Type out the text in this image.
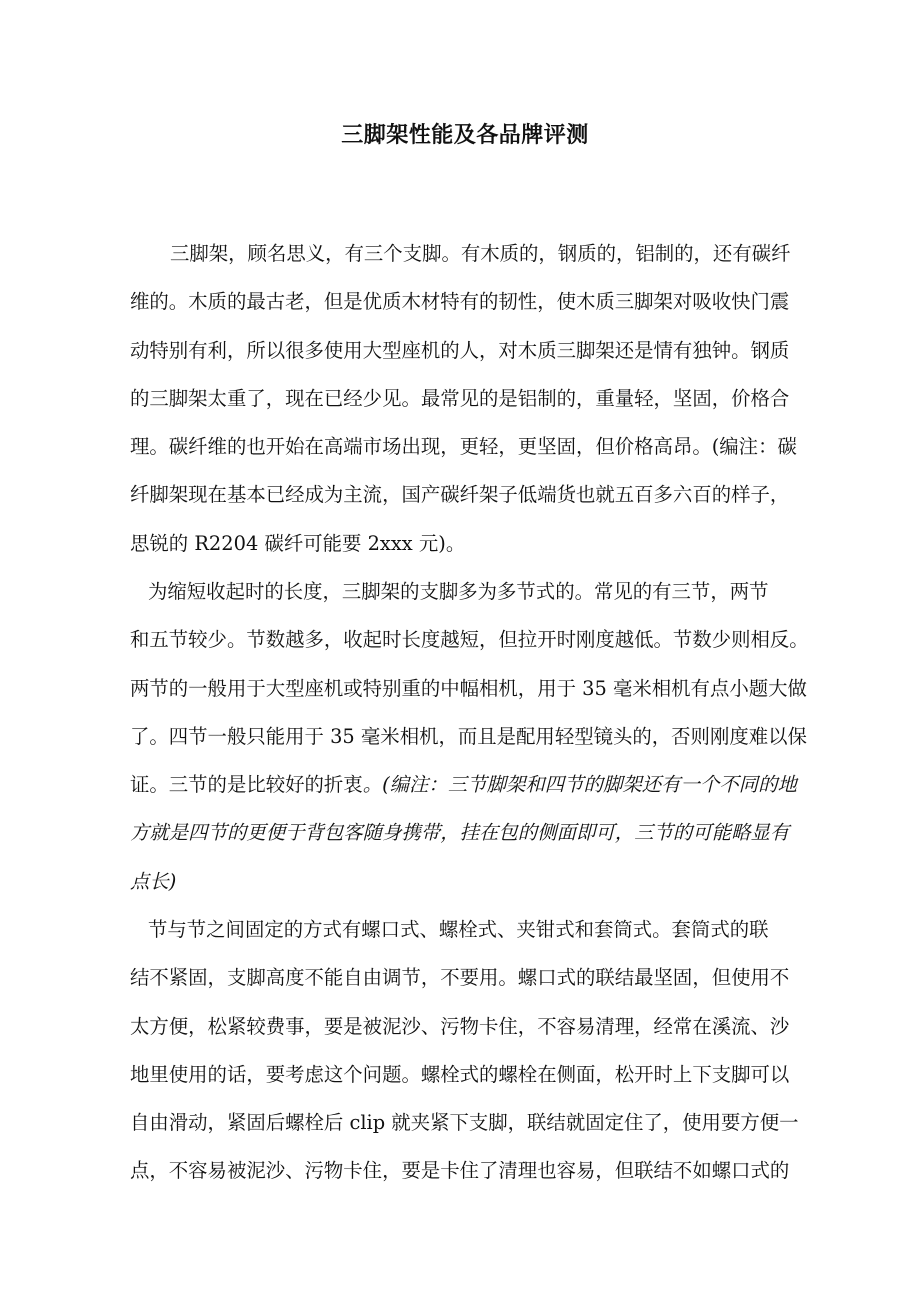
三脚架性能及各品牌评测
三脚架，顾名思义，有三个支脚。有木质的，钢质的，铝制的，还有碳纤
维的。木质的最古老，但是优质木材特有的韧性，使木质三脚架对吸收快门震
动特别有利，所以很多使用大型座机的人，对木质三脚架还是情有独钟。钢质
的三脚架太重了，现在已经少见。最常见的是铝制的，重量轻，坚固，价格合
理。碳纤维的也开始在高端市场出现，更轻，更坚固，但价格高昂。(编注：碳
纤脚架现在基本已经成为主流，国产碳纤架子低端货也就五百多六百的样子，
思锐的 R2204 碳纤可能要 2xxx 元)。
为缩短收起时的长度，三脚架的支脚多为多节式的。常见的有三节，两节
和五节较少。节数越多，收起时长度越短，但拉开时刚度越低。节数少则相反。
两节的一般用于大型座机或特别重的中幅相机，用于 35 毫米相机有点小题大做
了。四节一般只能用于 35 毫米相机，而且是配用轻型镜头的，否则刚度难以保
证。三节的是比较好的折衷。(编注：三节脚架和四节的脚架还有一个不同的地
方就是四节的更便于背包客随身携带，挂在包的侧面即可，三节的可能略显有
点长)
节与节之间固定的方式有螺口式、螺栓式、夹钳式和套筒式。套筒式的联
结不紧固，支脚高度不能自由调节，不要用。螺口式的联结最坚固，但使用不
太方便，松紧较费事，要是被泥沙、污物卡住，不容易清理，经常在溪流、沙
地里使用的话，要考虑这个问题。螺栓式的螺栓在侧面，松开时上下支脚可以
自由滑动，紧固后螺栓后 clip 就夹紧下支脚，联结就固定住了，使用要方便一
点，不容易被泥沙、污物卡住，要是卡住了清理也容易，但联结不如螺口式的
